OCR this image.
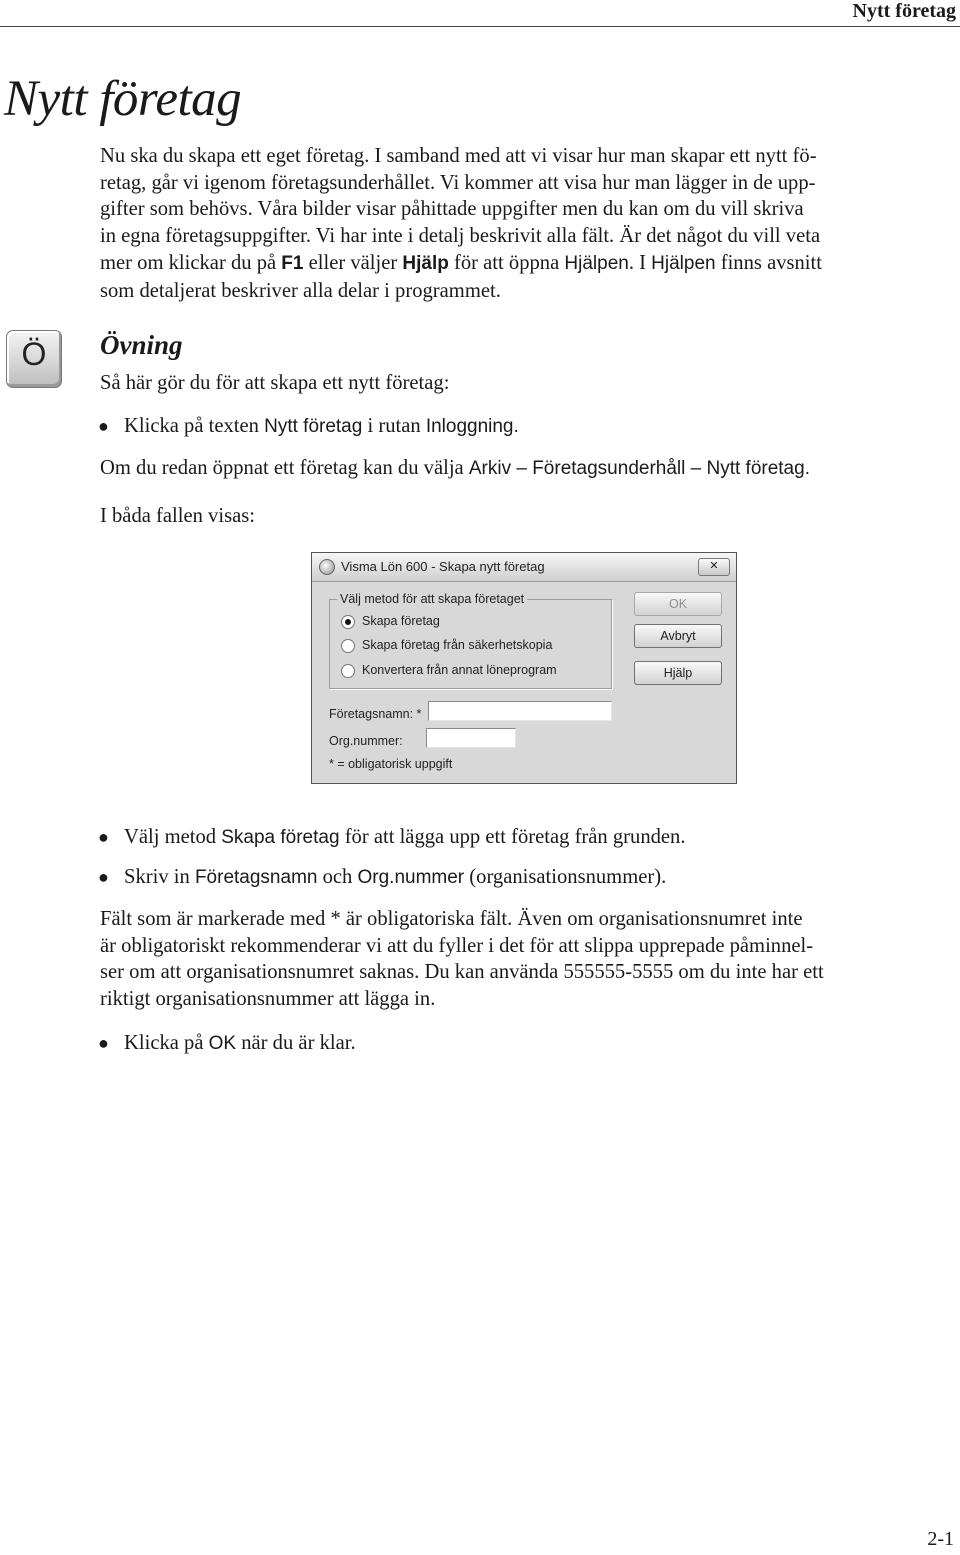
Nytt företag
Nytt företag

Nu ska du skapa ett eget företag. I samband med att vi visar hur man skapar ett nytt fö-

retag, går vi igenom företagsunderhållet. Vi kommer att visa hur man lägger in de upp-

gifter som behövs. Våra bilder visar påhittade uppgifter men du kan om du vill skriva

in egna företagsuppgifter. Vi har inte i detalj beskrivit alla fält. Är det något du vill veta

mer om klickar du på F1 eller väljer Hjälp för att öppna Hjälpen. I Hjälpen finns avsnitt

som detaljerat beskriver alla delar i programmet.

Ö	Övning

Så här gör du för att skapa ett nytt företag:

● Klicka på texten Nytt företag i rutan Inloggning.

Om du redan öppnat ett företag kan du välja Arkiv – Företagsunderhåll – Nytt företag.

I båda fallen visas:

Visma Lön 600 - Skapa nytt företag	✕
Välj metod för att skapa företaget
Skapa företag
Skapa företag från säkerhetskopia
Konvertera från annat löneprogram
OK
Avbryt
Hjälp
Företagsnamn: *
Org.nummer:
* = obligatorisk uppgift
● Välj metod Skapa företag för att lägga upp ett företag från grunden.
● Skriv in Företagsnamn och Org.nummer (organisationsnummer).

Fält som är markerade med * är obligatoriska fält. Även om organisationsnumret inte

är obligatoriskt rekommenderar vi att du fyller i det för att slippa upprepade påminnel-

ser om att organisationsnumret saknas. Du kan använda 555555-5555 om du inte har ett

riktigt organisationsnummer att lägga in.

● Klicka på OK när du är klar.
2-1
